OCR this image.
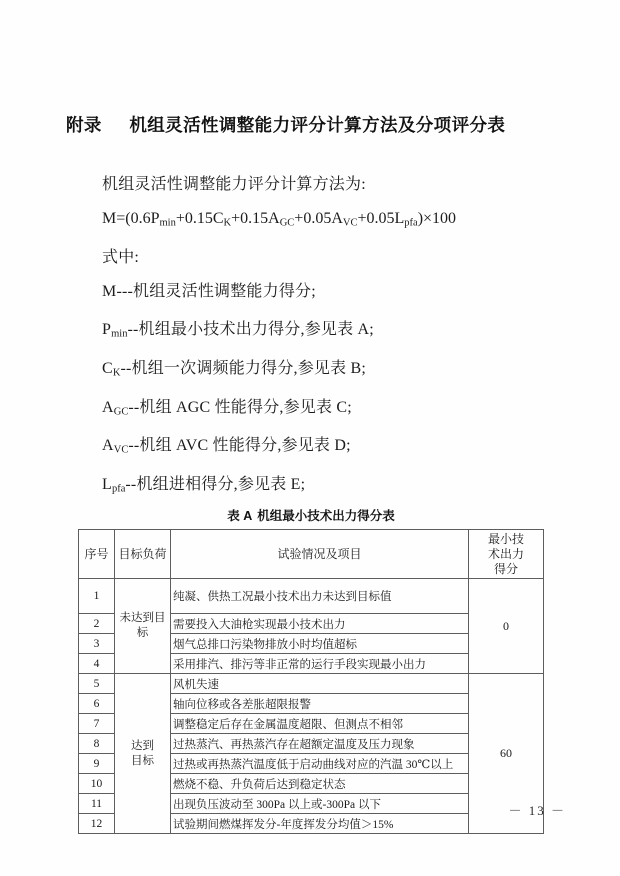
附录 机组灵活性调整能力评分计算方法及分项评分表
机组灵活性调整能力评分计算方法为:
$M=(0.6P_{min}+0.15C_K+0.15A_{GC}+0.05A_{VC}+0.05L_{pfa})\times 100$
式中:
M---机组灵活性调整能力得分;
$P_{min}--$机组最小技术出力得分,参见表 A;
$C_K--$机组一次调频能力得分,参见表 B;
$A_{GC}--$机组 AGC 性能得分,参见表 C;
$A_{VC}--$机组 AVC 性能得分,参见表 D;
$L_{pfa}--$机组进相得分,参见表 E;
表 A 机组最小技术出力得分表
序号	目标负荷	试验情况及项目	最小技
术出力
得分

1	未达到目
标	纯凝、供热工况最小技术出力未达到目标值	0
2		需要投入大油枪实现最小技术出力	
3		烟气总排口污染物排放小时均值超标	
4		采用排汽、排污等非正常的运行手段实现最小出力	
5	达到
目标	风机失速	60
6		轴向位移或各差胀超限报警	
7		调整稳定后存在金属温度超限、但测点不相邻	
8		过热蒸汽、再热蒸汽存在超额定温度及压力现象	
9		过热或再热蒸汽温度低于启动曲线对应的汽温 30℃以上	
10		燃烧不稳、升负荷后达到稳定状态	
11		出现负压波动至 300Pa 以上或-300Pa 以下	
12		试验期间燃煤挥发分-年度挥发分均值＞15%	
－ 13 －
